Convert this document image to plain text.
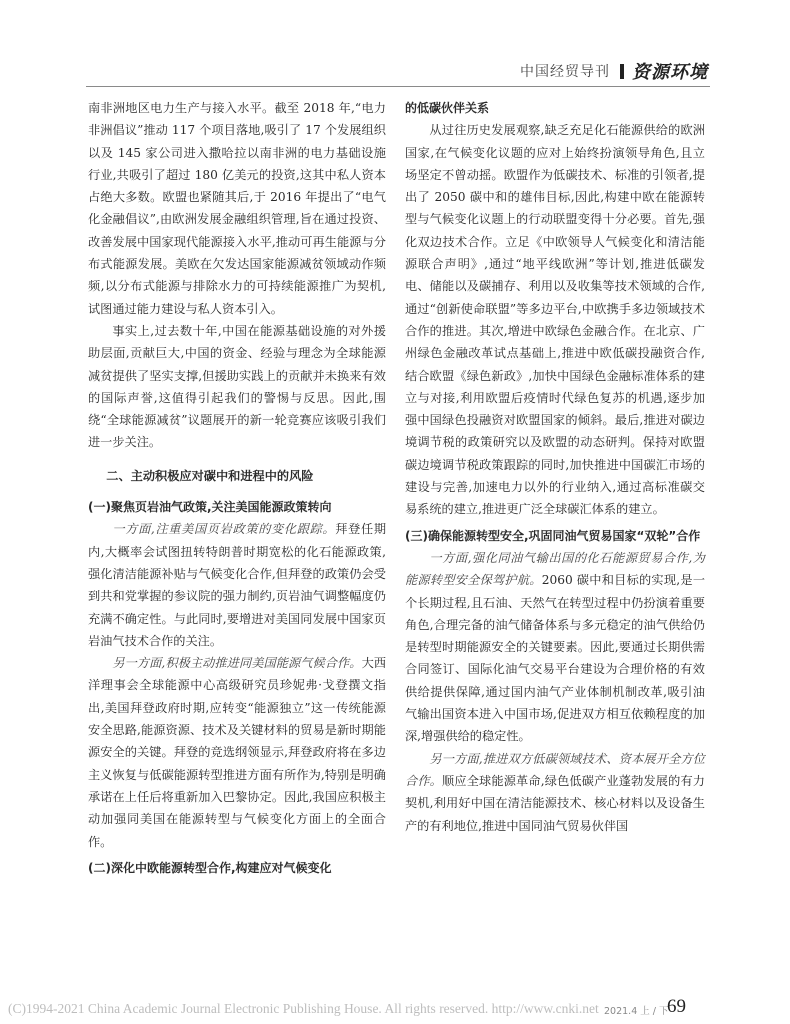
中国经贸导刊 资源环境

南非洲地区电力生产与接入水平。截至 2018 年,“电力非洲倡议”推动 117 个项目落地,吸引了 17 个发展组织以及 145 家公司进入撒哈拉以南非洲的电力基础设施行业,共吸引了超过 180 亿美元的投资,这其中私人资本占绝大多数。欧盟也紧随其后,于 2016 年提出了“电气化金融倡议”,由欧洲发展金融组织管理,旨在通过投资、改善发展中国家现代能源接入水平,推动可再生能源与分布式能源发展。美欧在欠发达国家能源减贫领域动作频频,以分布式能源与排除水力的可持续能源推广为契机,试图通过能力建设与私人资本引入。

事实上,过去数十年,中国在能源基础设施的对外援助层面,贡献巨大,中国的资金、经验与理念为全球能源减贫提供了坚实支撑,但援助实践上的贡献并未换来有效的国际声誉,这值得引起我们的警惕与反思。因此,围绕“全球能源减贫”议题展开的新一轮竞赛应该吸引我们进一步关注。

二、主动积极应对碳中和进程中的风险

(一)聚焦页岩油气政策,关注美国能源政策转向

一方面,注重美国页岩政策的变化跟踪。拜登任期内,大概率会试图扭转特朗普时期宽松的化石能源政策,强化清洁能源补贴与气候变化合作,但拜登的政策仍会受到共和党掌握的参议院的强力制约,页岩油气调整幅度仍充满不确定性。与此同时,要增进对美国同发展中国家页岩油气技术合作的关注。

另一方面,积极主动推进同美国能源气候合作。大西洋理事会全球能源中心高级研究员珍妮弗·戈登撰文指出,美国拜登政府时期,应转变“能源独立”这一传统能源安全思路,能源资源、技术及关键材料的贸易是新时期能源安全的关键。拜登的竞选纲领显示,拜登政府将在多边主义恢复与低碳能源转型推进方面有所作为,特别是明确承诺在上任后将重新加入巴黎协定。因此,我国应积极主动加强同美国在能源转型与气候变化方面上的全面合作。

(二)深化中欧能源转型合作,构建应对气候变化

的低碳伙伴关系

从过往历史发展观察,缺乏充足化石能源供给的欧洲国家,在气候变化议题的应对上始终扮演领导角色,且立场坚定不曾动摇。欧盟作为低碳技术、标准的引领者,提出了 2050 碳中和的雄伟目标,因此,构建中欧在能源转型与气候变化议题上的行动联盟变得十分必要。首先,强化双边技术合作。立足《中欧领导人气候变化和清洁能源联合声明》,通过“地平线欧洲”等计划,推进低碳发电、储能以及碳捕存、利用以及收集等技术领域的合作,通过“创新使命联盟”等多边平台,中欧携手多边领域技术合作的推进。其次,增进中欧绿色金融合作。在北京、广州绿色金融改革试点基础上,推进中欧低碳投融资合作,结合欧盟《绿色新政》,加快中国绿色金融标准体系的建立与对接,利用欧盟后疫情时代绿色复苏的机遇,逐步加强中国绿色投融资对欧盟国家的倾斜。最后,推进对碳边境调节税的政策研究以及欧盟的动态研判。保持对欧盟碳边境调节税政策跟踪的同时,加快推进中国碳汇市场的建设与完善,加速电力以外的行业纳入,通过高标准碳交易系统的建立,推进更广泛全球碳汇体系的建立。

(三)确保能源转型安全,巩固同油气贸易国家“双轮”合作

一方面,强化同油气输出国的化石能源贸易合作,为能源转型安全保驾护航。2060 碳中和目标的实现,是一个长期过程,且石油、天然气在转型过程中仍扮演着重要角色,合理完备的油气储备体系与多元稳定的油气供给仍是转型时期能源安全的关键要素。因此,要通过长期供需合同签订、国际化油气交易平台建设为合理价格的有效供给提供保障,通过国内油气产业体制机制改革,吸引油气输出国资本进入中国市场,促进双方相互依赖程度的加深,增强供给的稳定性。

另一方面,推进双方低碳领域技术、资本展开全方位合作。顺应全球能源革命,绿色低碳产业蓬勃发展的有力契机,利用好中国在清洁能源技术、核心材料以及设备生产的有利地位,推进中国同油气贸易伙伴国

(C)1994-2021 China Academic Journal Electronic Publishing House. All rights reserved. http://www.cnki.net 2021.4 上 / 下
69
